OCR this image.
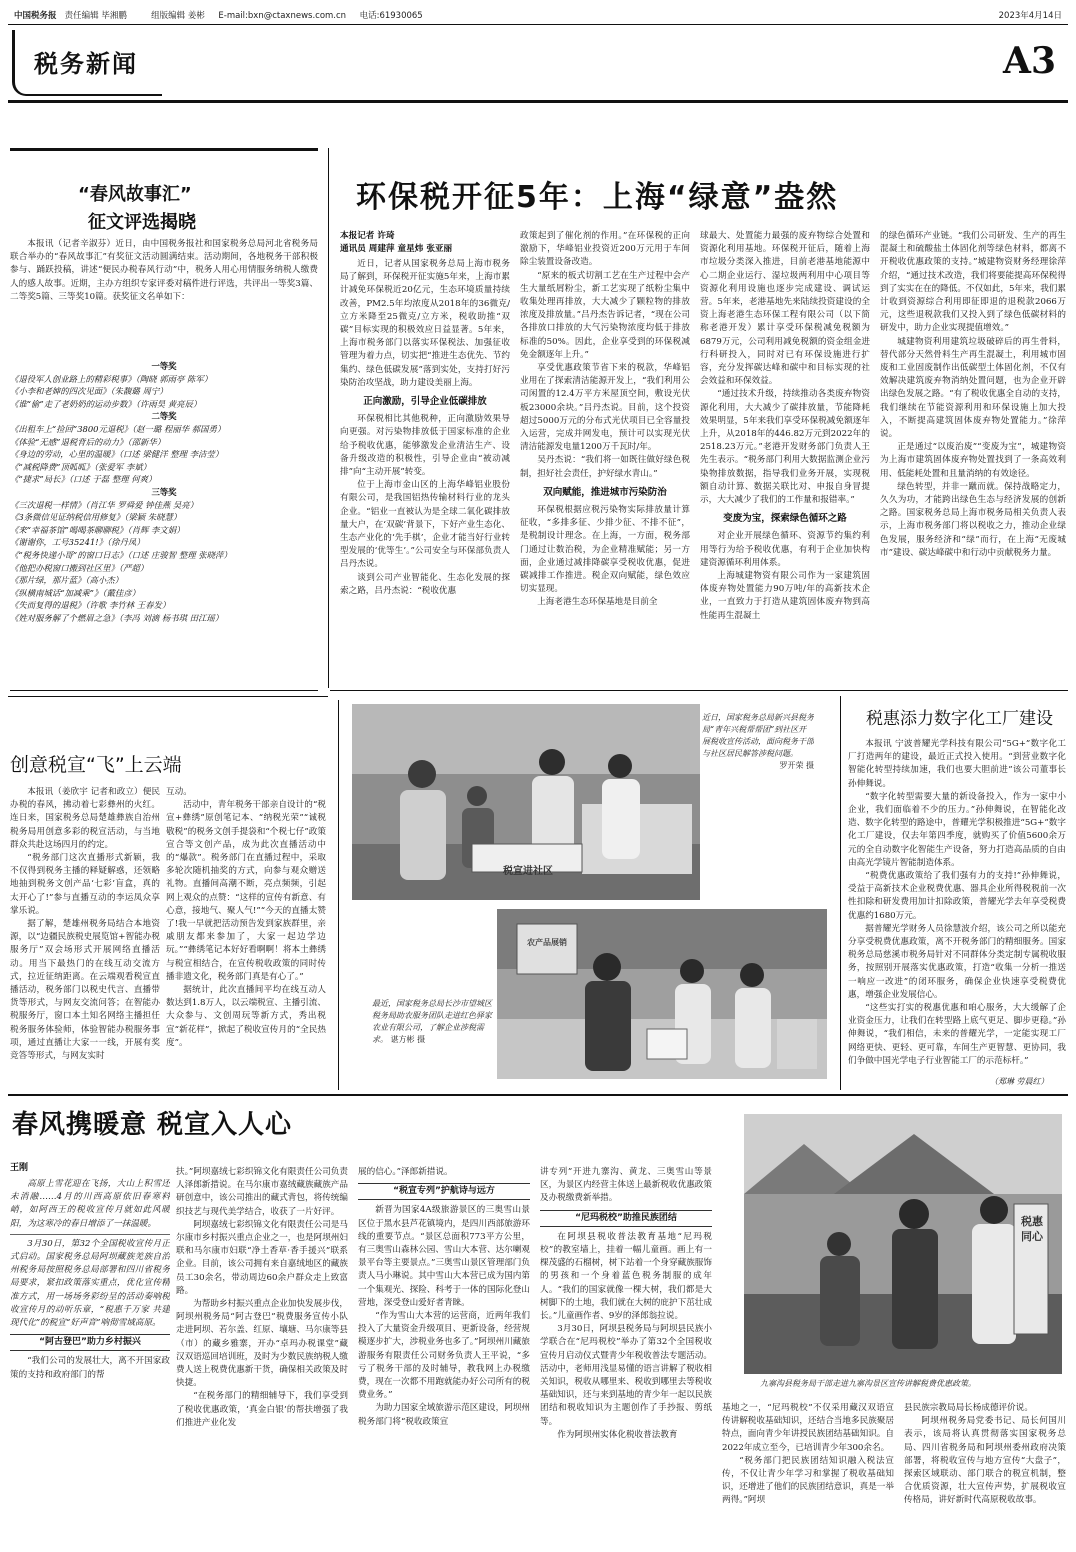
中国税务报 责任编辑 毕湘鹏	组版编辑 姜彬 E-mail:bxn@ctaxnews.com.cn 电话:61930065	2023年4月14日
税务新闻	A3
“春风故事汇”
征文评选揭晓

本报讯（记者辛淑芬）近日，由中国税务报社和国家税务总局河北省税务局联合举办的“春风故事汇”有奖征文活动圆满结束。活动期间，各地税务干部积极参与、踊跃投稿，讲述“便民办税春风行动”中，税务人用心用情服务纳税人缴费人的感人故事。近期，主办方组织专家评委对稿件进行评选，共评出一等奖3篇、二等奖5篇、三等奖10篇。获奖征文名单如下：

一等奖
《退役军人创业路上的精彩税事》（陶晓 郭雨亭 陈军）
《小李和老婶的四次见面》（朱馥璐 周宁）
《谁“偷”走了老奶奶的运动步数》（许雨昊 黄亮辰）
二等奖
《出租车上“捡回”3800元退税》（赵一璐 程丽华 郝国勇）
《体验“无感”退税背后的动力》（邵新华）
《身边的劳动，心里的温暖》（口述 梁健洋 整理 李洁莹）
《“减税降费”顶呱呱》（张爱军 李斌）
《“捷求”局长》（口述 于磊 整理 何爽）
三等奖
《三次退税一样情》（肖江华 罗舜爱 钟佳燕 吴亮）
《3条微信见证纳税信用修复》（梁颖 朱晓慧）
《来“幸福茶馆”喝喝茶聊聊税》（肖辉 李文娟）
《谢谢你，工号35241!》（徐丹凤）
《“税务快递小哥”的窗口日志》（口述 庄骏智 整理 张晓萍）
《他把办税窗口搬到社区里》（严超）
《那片绿，那片蓝》（高小杰）
《纵横南城话“加减乘”》（戴佳彦）
《失而复得的退税》（许歌 李竹林 王春发）
《姓对服务解了个燃眉之急》（李冯 刘滴 杨书琪 田江瑶）
环保税开征5年：上海“绿意”盎然
本报记者 许琦
通讯员 周建萍 童星炜 张亚丽

近日，记者从国家税务总局上海市税务局了解到，环保税开征实施5年来，上海市累计减免环保税近20亿元，生态环境质量持续改善，PM2.5年均浓度从2018年的36微克/立方米降至25微克/立方米，税收助推“双碳”目标实现的积极效应日益显著。5年来，上海市税务部门以落实环保税法、加强征收管理为着力点，切实把“推进生态优先、节约集约、绿色低碳发展”落到实处，支持打好污染防治攻坚战，助力建设美丽上海。

正向激励，引导企业低碳排放

环保税相比其他税种，正向激励效果导向更强。对污染物排放低于国家标准的企业给予税收优惠，能够激发企业清洁生产、设备升级改造的积极性，引导企业由“被动减排”向“主动开展”转变。

位于上海市金山区的上海华峰铝业股份有限公司，是我国铝热传输材料行业的龙头企业。“铝业一直被认为是全球二氧化碳排放量大户，在‘双碳’背景下，下好产业生态化、生态产业化的‘先手棋’，企业才能当好行业转型发展的‘优等生’。”公司安全与环保部负责人吕丹杰说。

谈到公司产业智能化、生态化发展的探索之路，吕丹杰说：“税收优惠

政策起到了催化剂的作用。”在环保税的正向激励下，华峰铝业投资近200万元用于车间除尘装置设备改造。

“原来的板式切割工艺在生产过程中会产生大量纸屑粉尘，新工艺实现了纸粉尘集中收集处理再排放，大大减少了颗粒物的排放浓度及排放量。”吕丹杰告诉记者，“现在公司各排放口排放的大气污染物浓度均低于排放标准的50%。因此，企业享受到的环保税减免金额逐年上升。”

享受优惠政策节省下来的税款，华峰铝业用在了探索清洁能源开发上，“我们利用公司闲置的12.4万平方米屋顶空间，敷设光伏板23000余块。”吕丹杰说。目前，这个投资超过5000万元的分布式光伏项目已全容量投入运营，完成并网发电，预计可以实现光伏清洁能源发电量1200万千瓦时/年。

吴丹杰说：“我们将一如既往做好绿色税制，担好社会责任，护好绿水青山。”

双向赋能，推进城市污染防治

环保税根据应税污染物实际排放量计算征收，“多排多征、少排少征、不排不征”，是税制设计理念。在上海，一方面，税务部门通过让数治税，为企业精准赋能；另一方面，企业通过减排降碳享受税收优惠，促进碳减排工作推进。税企双向赋能，绿色效应切实显现。

上海老港生态环保基地是目前全

球最大、处置能力最强的废弃物综合处置和资源化利用基地。环保税开征后，随着上海市垃圾分类深入推进，目前老港基地能源中心二期企业运行、湿垃圾两利用中心项目等资源化利用设施也逐步完成建设、调试运营。5年来，老港基地先来陆续投资建设的全资上海老港生态环保工程有限公司（以下简称老港开发）累计享受环保税减免税额为6879万元，公司利用减免税额的资金组金进行科研投入，同时对已有环保设施进行扩容，充分发挥碳达峰和碳中和目标实现的社会效益和环保效益。

“通过技术升级，持续推动各类废弃物资源化利用，大大减少了碳排放量，节能降耗效果明显，5年来我们享受环保税减免额逐年上升，从2018年的446.82万元到2022年的2518.23万元。”老港开发财务部门负责人王先生表示。“税务部门利用大数据监测企业污染物排放数据，指导我们业务开展，实现税额自动计算、数据关联比对、申报自身冒提示，大大减少了我们的工作量和报错率。”

变废为宝，探索绿色循环之路

对企业开展绿色循环、资源节约集约利用等行为给予税收优惠，有利于企业加快构建资源循环利用体系。

上海城建物资有限公司作为一家建筑固体废弃物处置能力90万吨/年的高新技术企业，一直致力于打造从建筑固体废弃物到高性能再生混凝土

的绿色循环产业链。“我们公司研发、生产的再生混凝土和硫酸盐土体固化剂等绿色材料，都离不开税收优惠政策的支持。”城建物资财务经理徐萍介绍，“通过技术改造，我们将要能提高环保税得到了实实在在的降低。不仅如此，5年来，我们累计收到资源综合利用即征即退的退税款2066万元，这些退税款我们又投入到了绿色低碳材料的研发中，助力企业实现提值增效。”

城建物资利用建筑垃圾破碎后的再生骨料，替代部分天然骨料生产再生混凝土，利用城市固废和工业固废制作出低碳型土体固化剂，不仅有效解决建筑废弃物消纳处置问题，也为企业开辟出绿色发展之路。“有了税收优惠全自动的支持，我们继续在节能资源利用和环保设施上加大投入，不断提高建筑固体废弃物处置能力。”徐萍说。

正是通过“以废治废”“变废为宝”，城建物资为上海市建筑固体废弃物处置找到了一条高效利用、低能耗处置和且量消纳的有效途径。

绿色转型，并非一蹴而就。保持战略定力，久久为功，才能跨出绿色生态与经济发展的创新之路。国家税务总局上海市税务局相关负责人表示，上海市税务部门将以税收之力，推动企业绿色发展，服务经济和“绿”而行，在上海“无废城市”建设、碳达峰碳中和行动中贡献税务力量。

税宣进社区
近日，国家税务总局新兴县税务局“青年兴税帮帮团”到社区开展税收宣传活动，面向税务干部与社区居民解答涉税问题。
罗开荣 摄
农产品展销
最近，国家税务总局长沙市望城区税务局助农服务团队走进红色驿家农业有限公司，了解企业涉税需求。 谌方彬 摄
创意税宣“飞”上云端

本报讯（姜欣宇 记者和政立）便民办税的春风，拂动着七彩彝州的火红。连日来，国家税务总局楚雄彝族自治州税务局用创意多彩的税宣活动，与当地群众共赴这场四月的约定。

“税务部门这次直播形式新颖，我不仅得到税务主播的释疑解惑，还领略地抽到税务文创产品‘七彩’盲盒，真的太开心了!”参与直播互动的李运凤众享掌乐说。

据了解，楚雄州税务局结合本地资源，以“边疆民族税史展览馆+智能办税服务厅”双会场形式开展网络直播活动。用当下最热门的在线互动交流方式，拉近征纳距离。在云端观看税宣直播活动，税务部门以税史代言、直播带货等形式，与网友交流问答；在智能办税服务厅，窗口本土知名网络主播担任税务服务体验师，体验智能办税服务事项，通过直播让大家一一线，开展有奖竞答等形式，与网友实时

互动。

活动中，青年税务干部亲自设计的“税宣+彝绣”原创笔记本、“纳税光荣”“诚税敬税”的税务文创手提袋和“个税七仔”政策宣合等文创产品，成为此次直播活动中的“爆款”。税务部门在直播过程中，采取多轮次随机抽奖的方式，向参与观众赠送礼物。直播间高潮不断，亮点频频，引起网上观众的点赞：“这样的宣传有新意、有心意，接地气、聚人气!”“今天的直播太赞了!我一早就把活动预告发到家族群里，亲戚朋友都来参加了，大家一起边学边玩。”“彝绣笔记本好好看啊啊！将本土彝绣与税宣相结合，在宣传税收政策的同时传播非遗文化，税务部门真是有心了。”

据统计，此次直播间平均在线互动人数达到1.8万人，以云端税宣、主播引流、大众参与、文创周玩等新方式，秀出税宣“新花样”，掀起了税收宣传月的“全民热度”。

税惠添力数字化工厂建设

本报讯 宁波普耀光学科技有限公司“5G+”数字化工厂打造两年的建设，最近正式投入使用。“到营业数字化智能化转型持续加速，我们也要大胆前进”该公司董事长孙伸舞说。

“数字化转型需要大量的新设备投入，作为一家中小企业，我们面临着不少的压力。”孙伸舞说，在智能化改造、数字化转型的路途中，普耀光学积极推进“5G+”数字化工厂建设，仅去年第四季度，就购买了价值5600余万元的全自动数字化智能生产设备，努力打造高品质的自由由高光学镜片智能制造体系。

“税费优惠政策给了我们强有力的支持!”孙伸舞说，受益于高新技术企业税费优惠、器具企业所得税税前一次性扣除和研发费用加计扣除政策，普耀光学去年享受税费优惠约1680万元。

据普耀光学财务人员徐慧波介绍，该公司之所以能充分享受税费优惠政策，离不开税务部门的精细服务。国家税务总局慈溪市税务局针对不同群体分类定制专属税收服务，按照别开展落实优惠政策，打造“收集一分析一推送一响应一改进”的闭环服务，确保企业快速享受税费优惠，增强企业发展信心。

“这些实打实的税惠优惠和咱心服务，大大缓解了企业资金压力，让我们在转型路上底气更足、脚步更稳。”孙伸舞说，“我们相信，未来的普耀光学，一定能实现工厂网络更快、更轻、更可靠，车间生产更智慧、更协同，我们争做中国光学电子行业智能工厂的示范标杆。”

（郑琳 劳晨红）
春风携暖意 税宣入人心
王刚

高原上雪花迎在飞扬，大山上积雪还未消融……4月的川西高原依旧春寒料峭，如阿西王的税收宣传月就如此风暖阳，为这寒冷的春日增添了一抹温暖。

3月30日，第32个全国税收宣传月正式启动。国家税务总局阿坝藏族羌族自治州税务局按照税务总局部署和四川省税务局要求，紧扣政策落实重点，优化宣传精准方式，用一场场务彩纷呈的活动奏响税收宣传月的动听乐章，“税惠千万家 共建现代化”的税宣“好声音”响彻雪域高原。

“阿古登巴”助力乡村振兴

“我们公司的发展壮大，离不开国家政策的支持和政府部门的帮

扶。”阿坝嘉绒七彩织锦文化有限责任公司负责人泽郎新措说。在马尔康市嘉绒藏族藏族产品研创意中，该公司推出的藏式背包，将传统编织技艺与现代美学结合，收获了一片好评。

阿坝嘉绒七彩织锦文化有限责任公司是马尔康市乡村振兴重点企业之一，也是阿坝州妇联和马尔康市妇联“净土香草·香手援兴”联系企业。目前，该公司拥有来自嘉绒地区的藏族员工30余名，带动周边60余户群众走上致富路。

为帮助乡村振兴重点企业加快发展步伐，阿坝州税务局“阿古登巴”税费服务宣传小队走进阿坝、若尔盖、红原、壤塘、马尔康等县（市）的藏乡雅寨，开办“卓玛办税课堂”藏汉双语巡回培训班，及时为少数民族纳税人缴费人送上税费优惠新干货，确保相关政策及时快捷。

“在税务部门的精细辅导下，我们享受到了税收优惠政策，‘真金白银’的帮扶增强了我们推进产业化发

展的信心。”泽郎新措说。

“税宣专列”护航诗与远方

新晋为国家4A级旅游景区的三奥雪山景区位于黑水县芦花镇境内，是四川西部旅游环线的重要节点。“景区总面积773平方公里，有三奥雪山森林公园、雪山大本营、达尔喇观景平台等主要景点。”三奥雪山景区管理部门负责人马小琳说。其中雪山大本营已成为国内第一个集观光、探险、科考于一体的国际化登山营地，深受登山爱好者青睐。

“作为雪山大本营的运营商，近两年我们投入了大量资金升级项目、更新设备，经营规模逐步扩大，涉税业务也多了。”阿坝州川藏旅游服务有限责任公司财务负责人王平说，“多亏了税务干部的及时辅导，教我网上办税缴费，现在一次都不用跑就能办好公司所有的税费业务。”

为助力国家全域旅游示范区建设，阿坝州税务部门将“税收政策宣

讲专列”开进九寨沟、黄龙、三奥雪山等景区，为景区内经营主体送上最新税收优惠政策及办税缴费新举措。

“尼玛税校”助推民族团结

在阿坝县税收普法教育基地“尼玛税校”的教室墙上，挂着一幅儿童画。画上有一棵茂盛的石榴树，树下站着一个身穿藏族服饰的男孩和一个身着蓝色税务制服的成年人。“我们的国家就像一棵大树，我们都是大树脚下的土地，我们就在大树的庇护下茁壮成长。”儿童画作者、9岁的泽郎翁拉说。

3月30日，阿坝县税务局与阿坝县民族小学联合在“尼玛税校”举办了第32个全国税收宣传月启动仪式暨青少年税收普法专题活动。活动中，老师用浅显易懂的语言讲解了税收相关知识，税收从哪里来、税收到哪里去等税收基础知识，还与来到基地的青少年一起以民族团结和税收知识为主题创作了手抄报、剪纸等。

作为阿坝州实体化税收普法教育

基地之一，“尼玛税校”不仅采用藏汉双语宣传讲解税收基础知识，还结合当地多民族聚居特点，面向青少年讲授民族团结基础知识。自2022年成立至今，已培训青少年300余名。

“税务部门把民族团结知识融入税法宣传，不仅让青少年学习和掌握了税收基础知识，还增进了他们的民族团结意识，真是一举两得。”阿坝

县民族宗教局局长杨成德评价说。

阿坝州税务局党委书记、局长何国川表示，该局将认真贯彻落实国家税务总局、四川省税务局和阿坝州委州政府决策部署，将税收宣传与地方宣传“大盘子”，探索区域联动、部门联合的税宣机制，整合优质资源，壮大宣传声势，扩展税收宣传格局，讲好新时代高原税收故事。

税惠同心
九寨沟县税务局干部走进九寨沟景区宣传讲解税费优惠政策。
